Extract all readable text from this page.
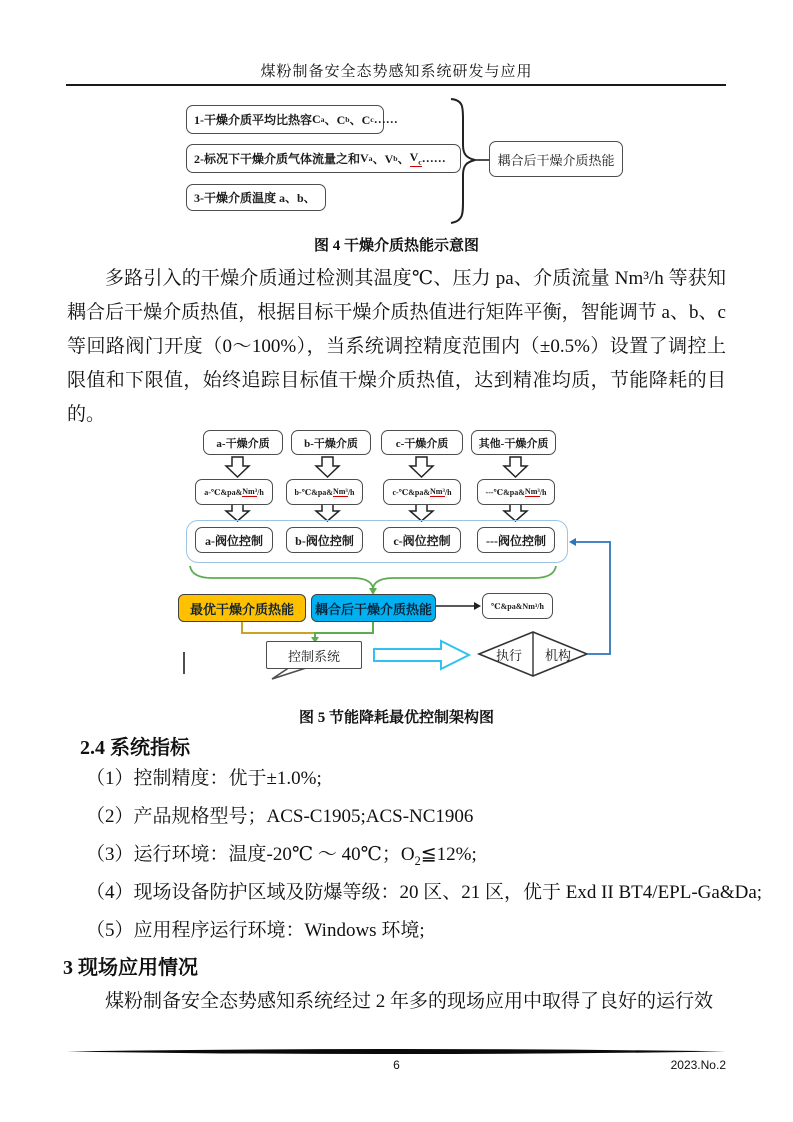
煤粉制备安全态势感知系统研发与应用
1-干燥介质平均比热容 C a 、C b 、C c ……
2-标况下干燥介质气体流量之和 V a 、V b 、 $V_c$ ……
3-干燥介质温度 a、b、
耦合后干燥介质热能
图 4 干燥介质热能示意图
多路引入的干燥介质通过检测其温度℃、压力 pa、介质流量 Nm³/h 等获知耦合后干燥介质热值，根据目标干燥介质热值进行矩阵平衡，智能调节 a、b、c 等回路阀门开度（0～100%），当系统调控精度范围内（±0.5%）设置了调控上限值和下限值，始终追踪目标值干燥介质热值，达到精准均质，节能降耗的目的。
a-干燥介质	b-干燥介质	c-干燥介质	其他-干燥介质
a- ℃&pa& Nm³ /h	b- ℃&pa& Nm³ /h	c- ℃&pa& Nm³ /h	--- ℃&pa& Nm³ /h
a-阀位控制	b-阀位控制	c-阀位控制	---阀位控制
最优干燥介质热能 耦合后干燥介质热能	℃&pa& Nm³ /h
控制系统	执行	机构
图 5 节能降耗最优控制架构图
2.4 系统指标
（1）控制精度：优于±1.0%;
（2）产品规格型号；ACS-C1905;ACS-NC1906
（3）运行环境：温度-20℃ ～ 40℃；$O_2≦12\%$;
（4）现场设备防护区域及防爆等级：20 区、21 区，优于 Exd II BT4/EPL-Ga&Da;
（5）应用程序运行环境：Windows 环境;
3 现场应用情况
煤粉制备安全态势感知系统经过 2 年多的现场应用中取得了良好的运行效
6	2023.No.2
